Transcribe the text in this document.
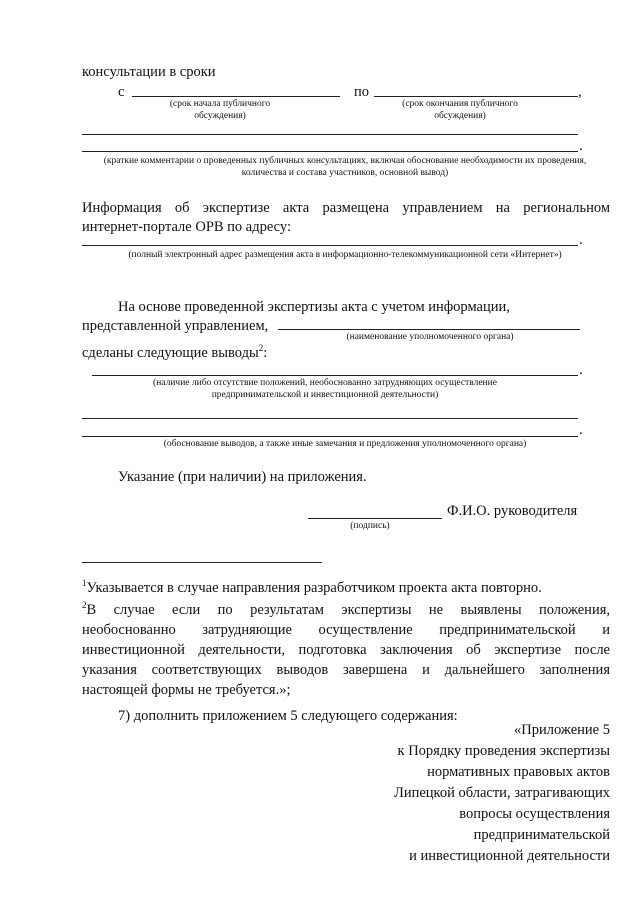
консультации в сроки
с	по	,
(срок начала публичного обсуждения)
(срок окончания публичного обсуждения)
.
(краткие комментарии о проведенных публичных консультациях, включая обоснование необходимости их проведения, количества и состава участников, основной вывод)
Информация об экспертизе акта размещена управлением на региональном
интернет-портале ОРВ по адресу:
.
(полный электронный адрес размещения акта в информационно-телекоммуникационной сети «Интернет»)
На основе проведенной экспертизы акта с учетом информации,
представленной управлением,
(наименование уполномоченного органа)
сделаны следующие выводы$^2$:
.
(наличие либо отсутствие положений, необоснованно затрудняющих осуществление предпринимательской и инвестиционной деятельности)
.
(обоснование выводов, а также иные замечания и предложения уполномоченного органа)
Указание (при наличии) на приложения.
Ф.И.О. руководителя
(подпись)
$^1$Указывается в случае направления разработчиком проекта акта повторно.
$^2$В случае если по результатам экспертизы не выявлены положения,
необоснованно затрудняющие осуществление предпринимательской и
инвестиционной деятельности, подготовка заключения об экспертизе после
указания соответствующих выводов завершена и дальнейшего заполнения
настоящей формы не требуется.»;
7) дополнить приложением 5 следующего содержания:
«Приложение 5
к Порядку проведения экспертизы
нормативных правовых актов
Липецкой области, затрагивающих
вопросы осуществления
предпринимательской
и инвестиционной деятельности
